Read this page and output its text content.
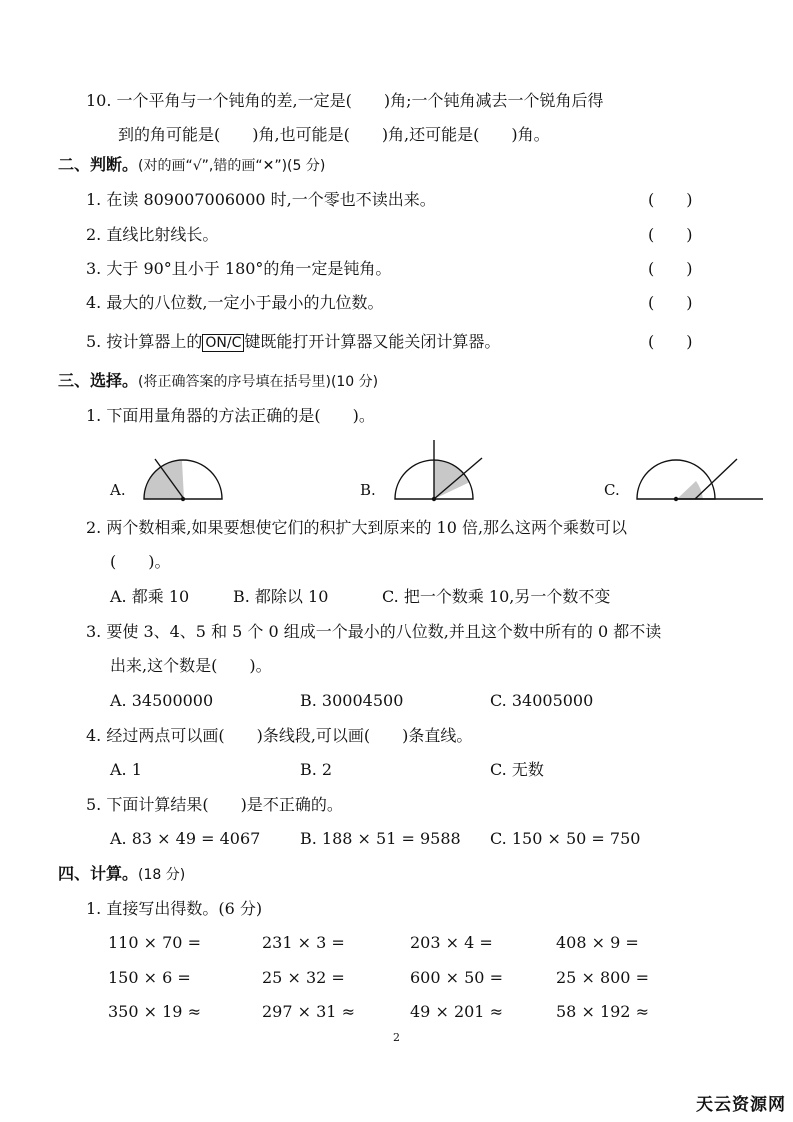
10. 一个平角与一个钝角的差,一定是(　　)角;一个钝角减去一个锐角后得
到的角可能是(　　)角,也可能是(　　)角,还可能是(　　)角。
二、判断。(对的画“√”,错的画“✕”)(5 分)
1. 在读 809007006000 时,一个零也不读出来。	(　　)
2. 直线比射线长。	(　　)
3. 大于 90°且小于 180°的角一定是钝角。	(　　)
4. 最大的八位数,一定小于最小的九位数。	(　　)
5. 按计算器上的 ON/C 键既能打开计算器又能关闭计算器。	(　　)
三、选择。(将正确答案的序号填在括号里)(10 分)
1. 下面用量角器的方法正确的是(　　)。
A.	B.	C.
2. 两个数相乘,如果要想使它们的积扩大到原来的 10 倍,那么这两个乘数可以
(　　)。
A. 都乘 10	B. 都除以 10	C. 把一个数乘 10,另一个数不变
3. 要使 3、4、5 和 5 个 0 组成一个最小的八位数,并且这个数中所有的 0 都不读
出来,这个数是(　　)。
A. 34500000	B. 30004500	C. 34005000
4. 经过两点可以画(　　)条线段,可以画(　　)条直线。
A. 1	B. 2	C. 无数
5. 下面计算结果(　　)是不正确的。
A. 83 × 49 = 4067 B. 188 × 51 = 9588 C. 150 × 50 = 750
四、计算。(18 分)
1. 直接写出得数。(6 分)
110 × 70 =	231 × 3 =	203 × 4 =	408 × 9 =
150 × 6 =	25 × 32 =	600 × 50 =	25 × 800 =
350 × 19 ≈	297 × 31 ≈	49 × 201 ≈	58 × 192 ≈
2
天云资源网
